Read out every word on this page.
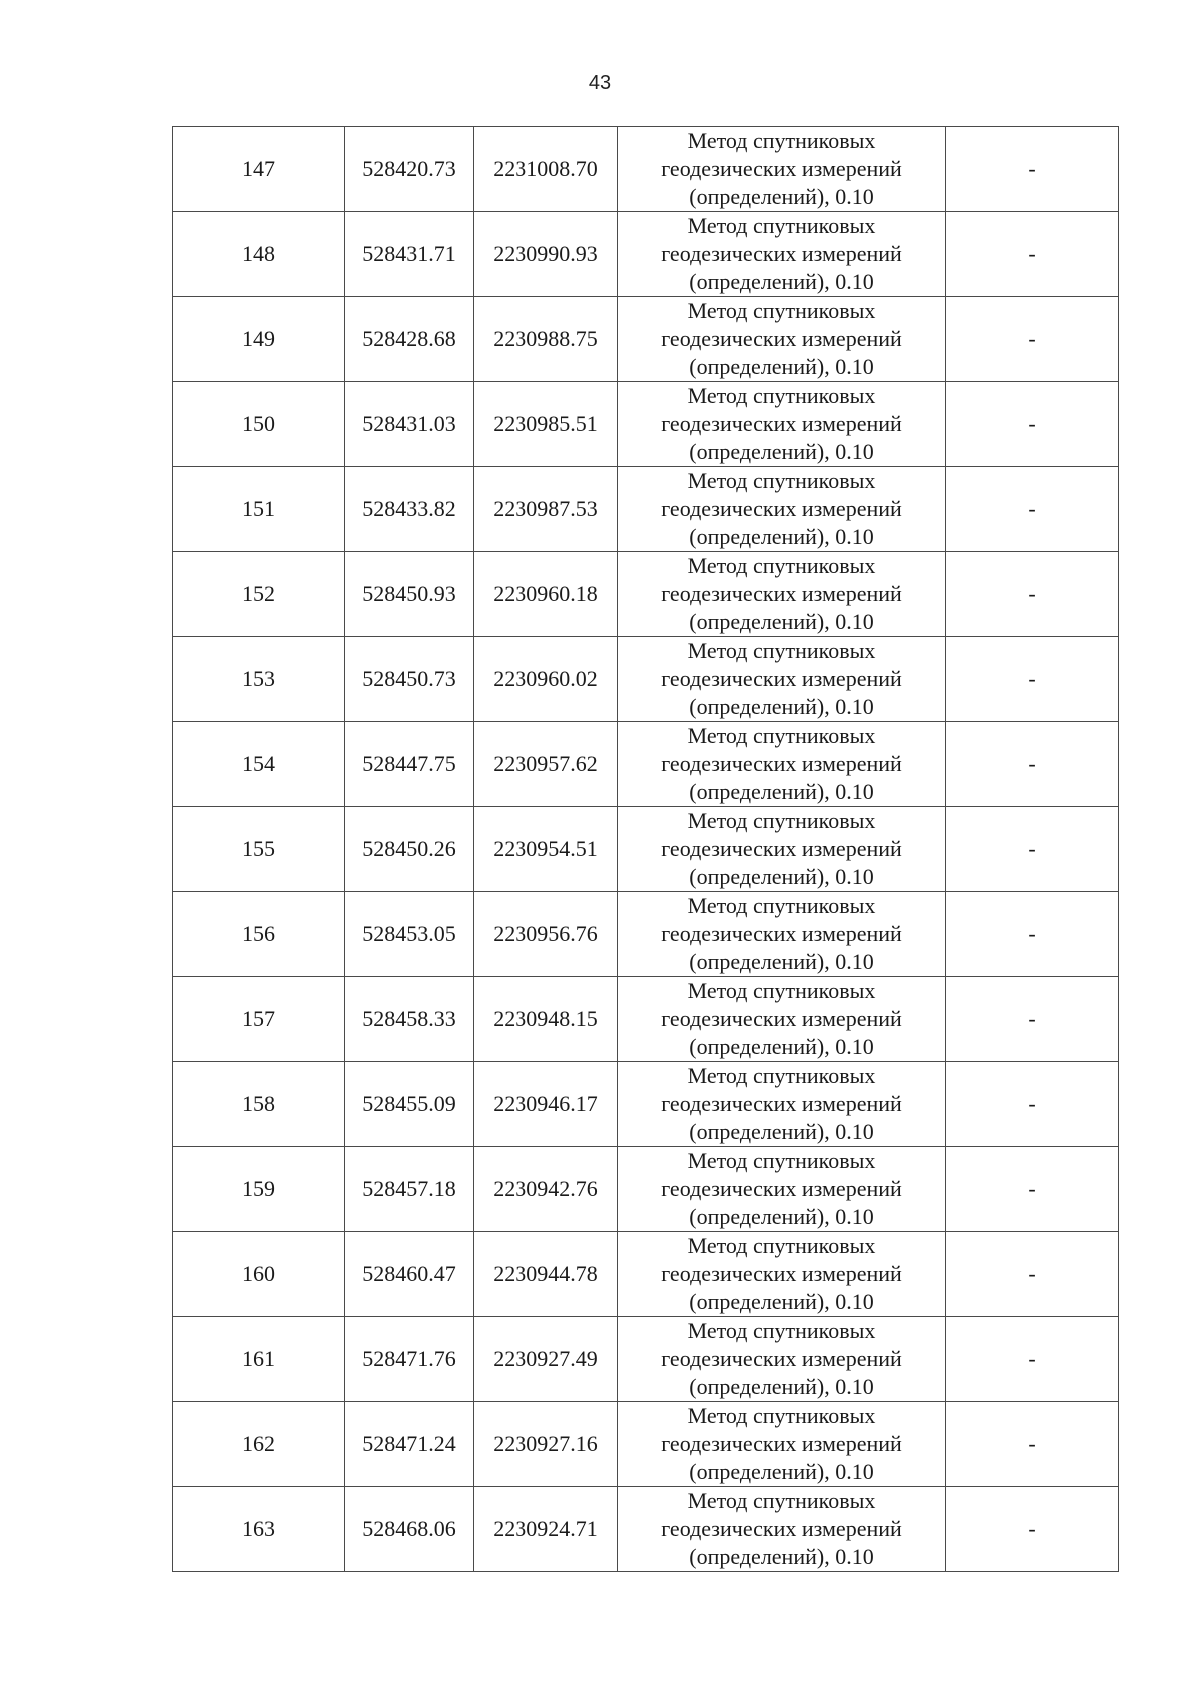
43
147	528420.73	2231008.70	Метод спутниковых
геодезических измерений
(определений), 0.10	-
148	528431.71	2230990.93	Метод спутниковых
геодезических измерений
(определений), 0.10	-
149	528428.68	2230988.75	Метод спутниковых
геодезических измерений
(определений), 0.10	-
150	528431.03	2230985.51	Метод спутниковых
геодезических измерений
(определений), 0.10	-
151	528433.82	2230987.53	Метод спутниковых
геодезических измерений
(определений), 0.10	-
152	528450.93	2230960.18	Метод спутниковых
геодезических измерений
(определений), 0.10	-
153	528450.73	2230960.02	Метод спутниковых
геодезических измерений
(определений), 0.10	-
154	528447.75	2230957.62	Метод спутниковых
геодезических измерений
(определений), 0.10	-
155	528450.26	2230954.51	Метод спутниковых
геодезических измерений
(определений), 0.10	-
156	528453.05	2230956.76	Метод спутниковых
геодезических измерений
(определений), 0.10	-
157	528458.33	2230948.15	Метод спутниковых
геодезических измерений
(определений), 0.10	-
158	528455.09	2230946.17	Метод спутниковых
геодезических измерений
(определений), 0.10	-
159	528457.18	2230942.76	Метод спутниковых
геодезических измерений
(определений), 0.10	-
160	528460.47	2230944.78	Метод спутниковых
геодезических измерений
(определений), 0.10	-
161	528471.76	2230927.49	Метод спутниковых
геодезических измерений
(определений), 0.10	-
162	528471.24	2230927.16	Метод спутниковых
геодезических измерений
(определений), 0.10	-
163	528468.06	2230924.71	Метод спутниковых
геодезических измерений
(определений), 0.10	-
